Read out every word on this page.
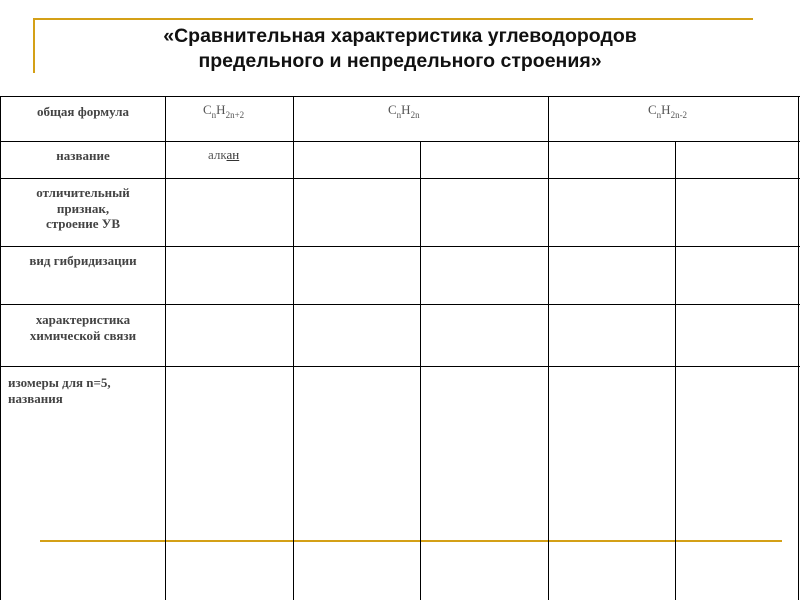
«Сравнительная характеристика углеводородов
предельного и непредельного строения»
общая формула
название
отличительный
признак,
строение УВ
вид гибридизации
характеристика
химической связи
изомеры для n=5,
названия
$C_nH_{2n+2}$	$C_nH_{2n}$	$C_nH_{2n-2}$
алкан
